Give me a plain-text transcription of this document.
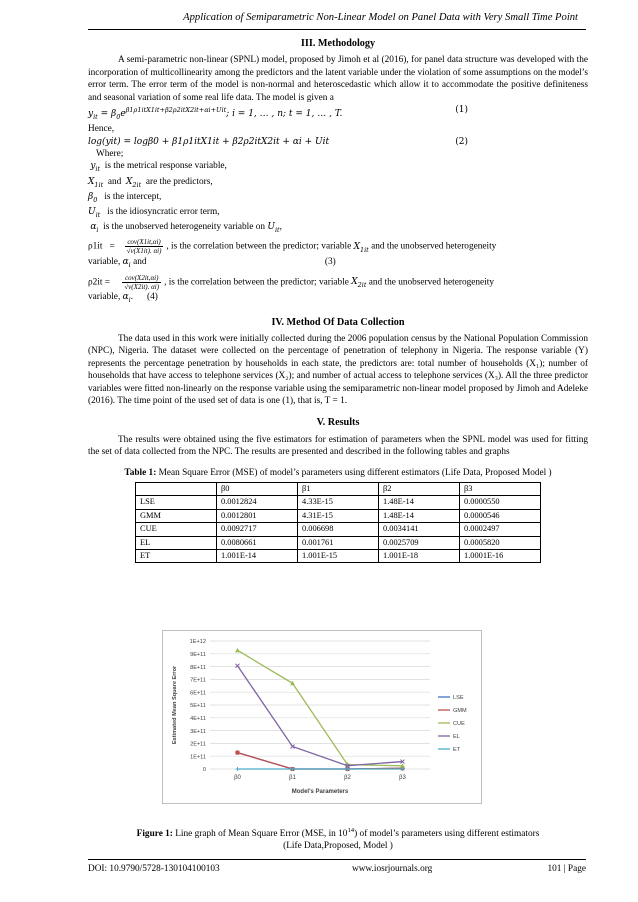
Application of Semiparametric Non-Linear Model on Panel Data with Very Small Time Point
III. Methodology

A semi-parametric non-linear (SPNL) model, proposed by Jimoh et al (2016), for panel data structure was developed with the incorporation of multicollinearity among the predictors and the latent variable under the violation of some assumptions on the model’s error term. The error term of the model is non-normal and heteroscedastic which allow it to accommodate the positive definiteness and seasonal variation of some real life data. The model is given a

$y_{it} = \beta_0e^{\beta 1\rho 1itX1it+\beta 2\rho 2itX2it+\alpha i+Uit}$; i = 1, … , n; t = 1, … , T.	(1)

Hence,

log(yit) = logβ0 + β1ρ1itX1it + β2ρ2itX2it + αi + Uit	(2)

Where;

$y_{it}$ is the metrical response variable,

$X_{1it}$ and $X_{2it}$ are the predictors,

$\beta_0$ is the intercept,

$U_{it}$ is the idiosyncratic error term,

$\alpha_i$ is the unobserved heterogeneity variable on $U_{it}$,

$\rho 1it = \frac{\text{cov(X1it,αi)}}{√v(X1it). \alpha i)}$ , is the correlation between the predictor; variable $X_{1it}$ and the unobserved heterogeneity

variable, $\alpha_i$ and	(3)

$\rho 2it = \frac{\text{cov(X2it,αi)}}{√v(X2it). \alpha i)}$ , is the correlation between the predictor; variable $X_{2it}$ and the unobserved heterogeneity

variable, $\alpha_i$.      (4)

IV. Method Of Data Collection

The data used in this work were initially collected during the 2006 population census by the National Population Commission (NPC), Nigeria. The dataset were collected on the percentage of penetration of telephony in Nigeria. The response variable (Y) represents the percentage penetration by households in each state, the predictors are: total number of households (X₁); number of households that have access to telephone services (X₂); and number of actual access to telephone services (X₃). All the three predictor variables were fitted non-linearly on the response variable using the semiparametric non-linear model proposed by Jimoh and Adeleke (2016). The time point of the used set of data is one (1), that is, T = 1.

V. Results

The results were obtained using the five estimators for estimation of parameters when the SPNL model was used for fitting the set of data collected from the NPC. The results are presented and described in the following tables and graphs

Table 1: Mean Square Error (MSE) of model’s parameters using different estimators (Life Data, Proposed Model )
	β0	β1	β2	β3
LSE	0.0012824	4.33E-15	1.48E-14	0.0000550
GMM	0.0012801	4.31E-15	1.48E-14	0.0000546
CUE	0.0092717	0.006698	0.0034141	0.0002497
EL	0.0080661	0.001761	0.0025709	0.0005820
ET	1.001E-14	1.001E-15	1.001E-18	1.0001E-16
0
1E+11
2E+11
3E+11
4E+11
5E+11
6E+11
7E+11
8E+11
9E+11
1E+12
β0	β1	β2	β3
Model's Parameters
Estimated Mean Square Error	LSE
GMM
CUE
EL
ET
Figure 1: Line graph of Mean Square Error (MSE, in $10^{14}$) of model’s parameters using different estimators
(Life Data,Proposed, Model )
DOI: 10.9790/5728-130104100103	www.iosrjournals.org	101 | Page
